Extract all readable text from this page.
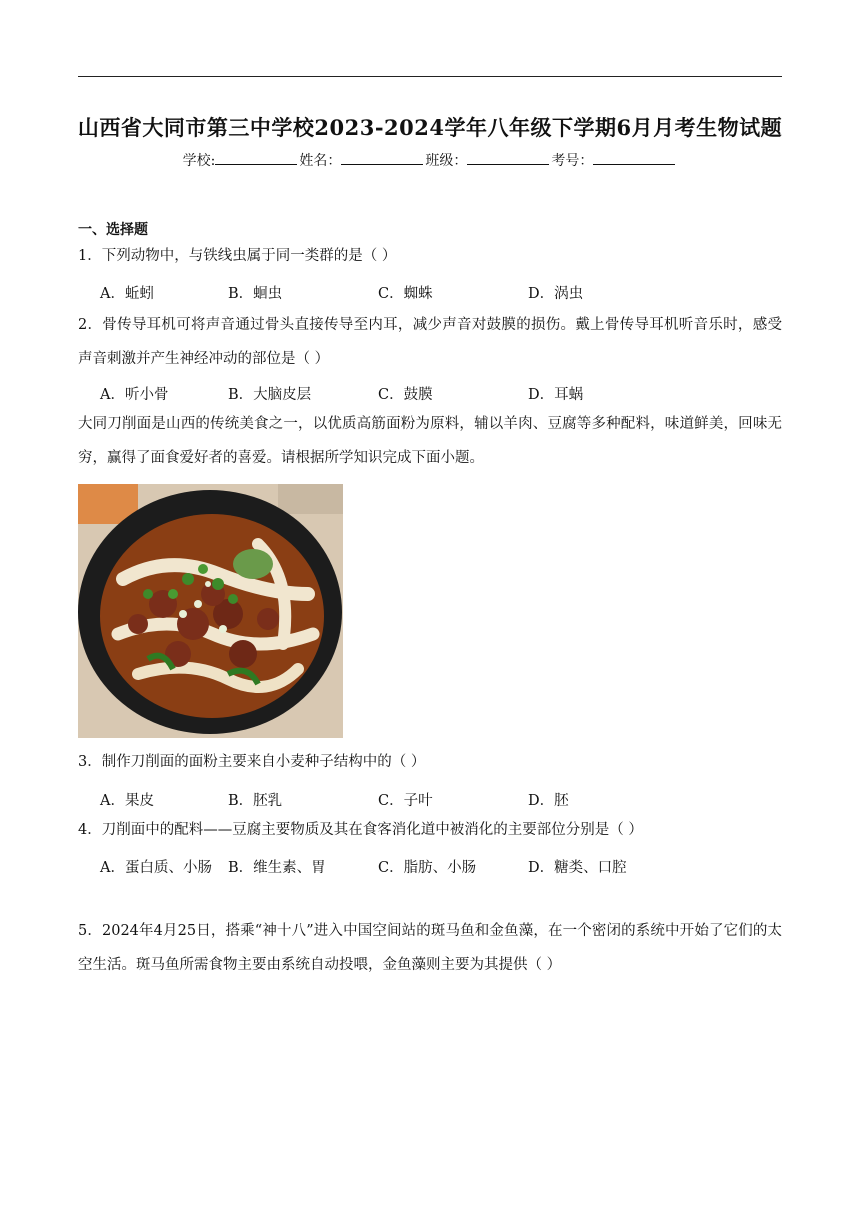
山西省大同市第三中学校2023-2024学年八年级下学期6月月考生物试题
学校:	姓名：	班级：	考号：
一、选择题
1．下列动物中，与铁线虫属于同一类群的是（ ）
A．蚯蚓	B．蛔虫	C．蜘蛛	D．涡虫
2．骨传导耳机可将声音通过骨头直接传导至内耳，减少声音对鼓膜的损伤。戴上骨传导耳机听音乐时，感受声音刺激并产生神经冲动的部位是（ ）
A．听小骨	B．大脑皮层	C．鼓膜	D．耳蜗
大同刀削面是山西的传统美食之一，以优质高筋面粉为原料，辅以羊肉、豆腐等多种配料，味道鲜美，回味无穷，赢得了面食爱好者的喜爱。请根据所学知识完成下面小题。
3．制作刀削面的面粉主要来自小麦种子结构中的（ ）
A．果皮	B．胚乳	C．子叶	D．胚
4．刀削面中的配料——豆腐主要物质及其在食客消化道中被消化的主要部位分别是（ ）
A．蛋白质、小肠 B．维生素、胃	C．脂肪、小肠	D．糖类、口腔
5．2024年4月25日，搭乘“神十八”进入中国空间站的斑马鱼和金鱼藻，在一个密闭的系统中开始了它们的太空生活。斑马鱼所需食物主要由系统自动投喂，金鱼藻则主要为其提供（ ）
